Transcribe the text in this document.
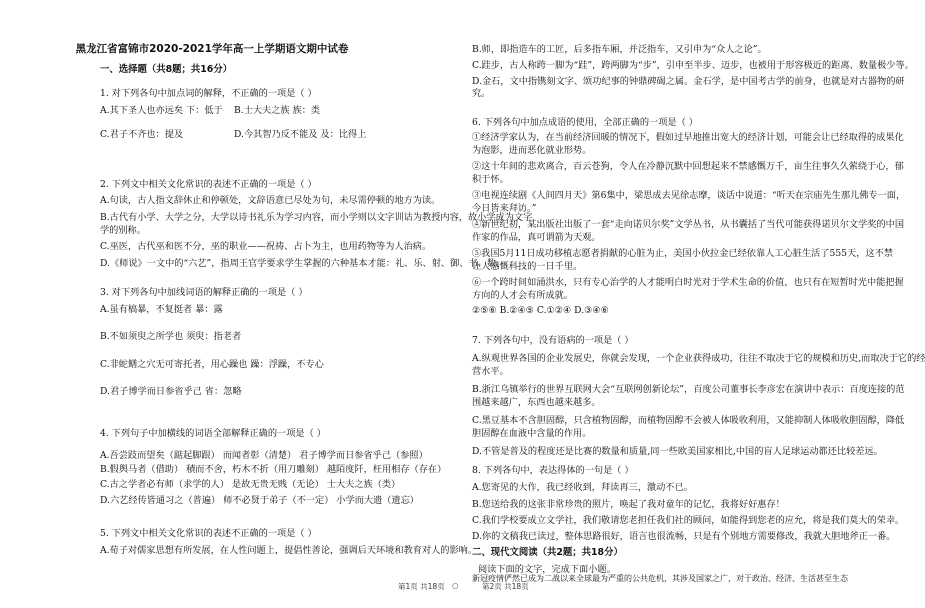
黑龙江省富锦市2020-2021学年高一上学期语文期中试卷
一、选择题（共8题；共16分）
1. 对下列各句中加点词的解释，不正确的一项是（ ）
A.其下圣人也亦远矣 下：低于 B.士大夫之族 族：类
C.君子不齐也：提及	D.今其智乃反不能及 及：比得上
2. 下列文中相关文化常识的表述不正确的一项是（ ）
A.句读，古人指文辞休止和停顿处，文辞语意已尽处为句，未尽需停顿的地方为读。
B.古代有小学、大学之分，大学以诗书礼乐为学习内容，而小学则以文字训诂为教授内容，故小学成为文字
学的别称。
C.巫医，古代巫和医不分，巫的职业——祝祷、占卜为主，也用药物等为人治病。
D.《师说》一文中的“六艺”，指周王官学要求学生掌握的六种基本才能：礼、乐、射、御、书、数。
3. 对下列各句中加线词语的解释正确的一项是（ ）
A.虽有槁暴，不复挺者 暴：露
B.不如须臾之所学也 须臾：指老者
C.非蛇鳝之穴无可寄托者，用心躁也 躁：浮躁，不专心
D.君子博学而日参省乎己 省：忽略
4. 下列句子中加横线的词语全部解释正确的一项是（ ）
A.吾尝跂而望矣（踮起脚跟） 而闻者彰（清楚） 君子博学而日参省乎己（参照）
B.假舆马者（借助） 積而不舍，朽木不折（用刀雕刻） 越陌度阡，枉用相存（存在）
C.古之学者必有师（求学的人） 是故无贵无贱（无论） 士大夫之族（类）
D.六艺经传皆通习之（普遍） 师不必贤于弟子（不一定） 小学而大遗（遗忘）
5. 下列文中相关文化常识的表述不正确的一项是（ ）
A.荀子对儒家思想有所发展，在人性问题上，提倡性善论，强调后天环境和教育对人的影响。
B.师，即指造车的工匠，后多指车厢，并泛指车，又引申为“众人之论”。
C.跬步，古人称跨一脚为“跬”，跨两脚为“步”，引申至半步、迈步，也被用于形容极近的距离、数量极少等。
D.金石，文中指镌刻文字、颂功纪事的钟鼎碑碣之属。金石学，是中国考古学的前身，也就是对古器物的研
究。
6. 下列各句中加点成语的使用，全部正确的一项是（ ）
①经济学家认为，在当前经济回暖的情况下，假如过早地推出宽大的经济计划，可能会让已经取得的成果化
为泡影，进而恶化就业形势。
②这十年间的悲欢离合，百云苍狗，令人在冷静沉默中回想起来不禁感慨万千，亩生往事久久萦绕于心，郁
积于怀。
③电视连续剧《人间四月天》第6集中，梁思成去见徐志摩，谈话中说道：“听天在宗庙先生那儿佛专一面，
今日皆来拜访。”
④新世纪初，某出版社出版了一套“走向诺贝尔奖”文学丛书，从书囊括了当代可能获得诺贝尔文学奖的中国
作家的作品，真可谓箭为天观。
⑤我国5月11日成功移植志愿者捐献的心脏为止，美国小伙拉金已经依靠人工心脏生活了555天，这不禁
让人感慨科技的一日千里。
⑥一个跨时间如涌洪水，只有专心治学的人才能明白时光对于学术生命的价值，也只有在短暂时光中能把握
方向的人才会有所成就。
②⑤⑥ B.②④⑤ C.①②④ D.③④⑥
7. 下列各句中，没有语病的一项是（ ）
A.纵观世界各国的企业发展史，你就会发现，一个企业获得成功，往往不取决于它的规模和历史,而取决于它的经
营水平。
B.浙江乌镇举行的世界互联网大会“互联网创新论坛”，百度公司董事长李彦宏在演讲中表示：百度连接的范
围越来越广，东西也越来越多。
C.黑豆基本不含胆固醇，只含植物固醇，而植物固醇不会被人体吸收利用，又能抑制人体吸收胆固醇，降低
胆固醇在血液中含量的作用。
D.不管是普及的程度还是比赛的数量和质量,同一些欧美国家相比,中国的盲人足球运动都还比较差远。
8. 下列各句中，表达得体的一句是（ ）
A.您寄见的大作，我已经收到，拜读再三，激动不已。
B.您送给我的这张非常珍贵的照片，唤起了我对童年的记忆，我将好好惠存！
C.我们学校要成立文学社，我们敬请您老担任我们社的顾问，如能得到您老的应允，将是我们莫大的荣幸。
D.你的文稿我已读过，整体思路很好，语言也很流畅，只是有个别地方需要修改，我就大胆地斧正一番。
二、现代文阅读（共2题；共18分）
阅读下面的文字，完成下面小题。
新冠疫情俨然已成为二战以来全球最为严重的公共危机，其涉及国家之广，对于政治、经济、生活甚至生态
第1页 共18页 ○	第2页 共18页
